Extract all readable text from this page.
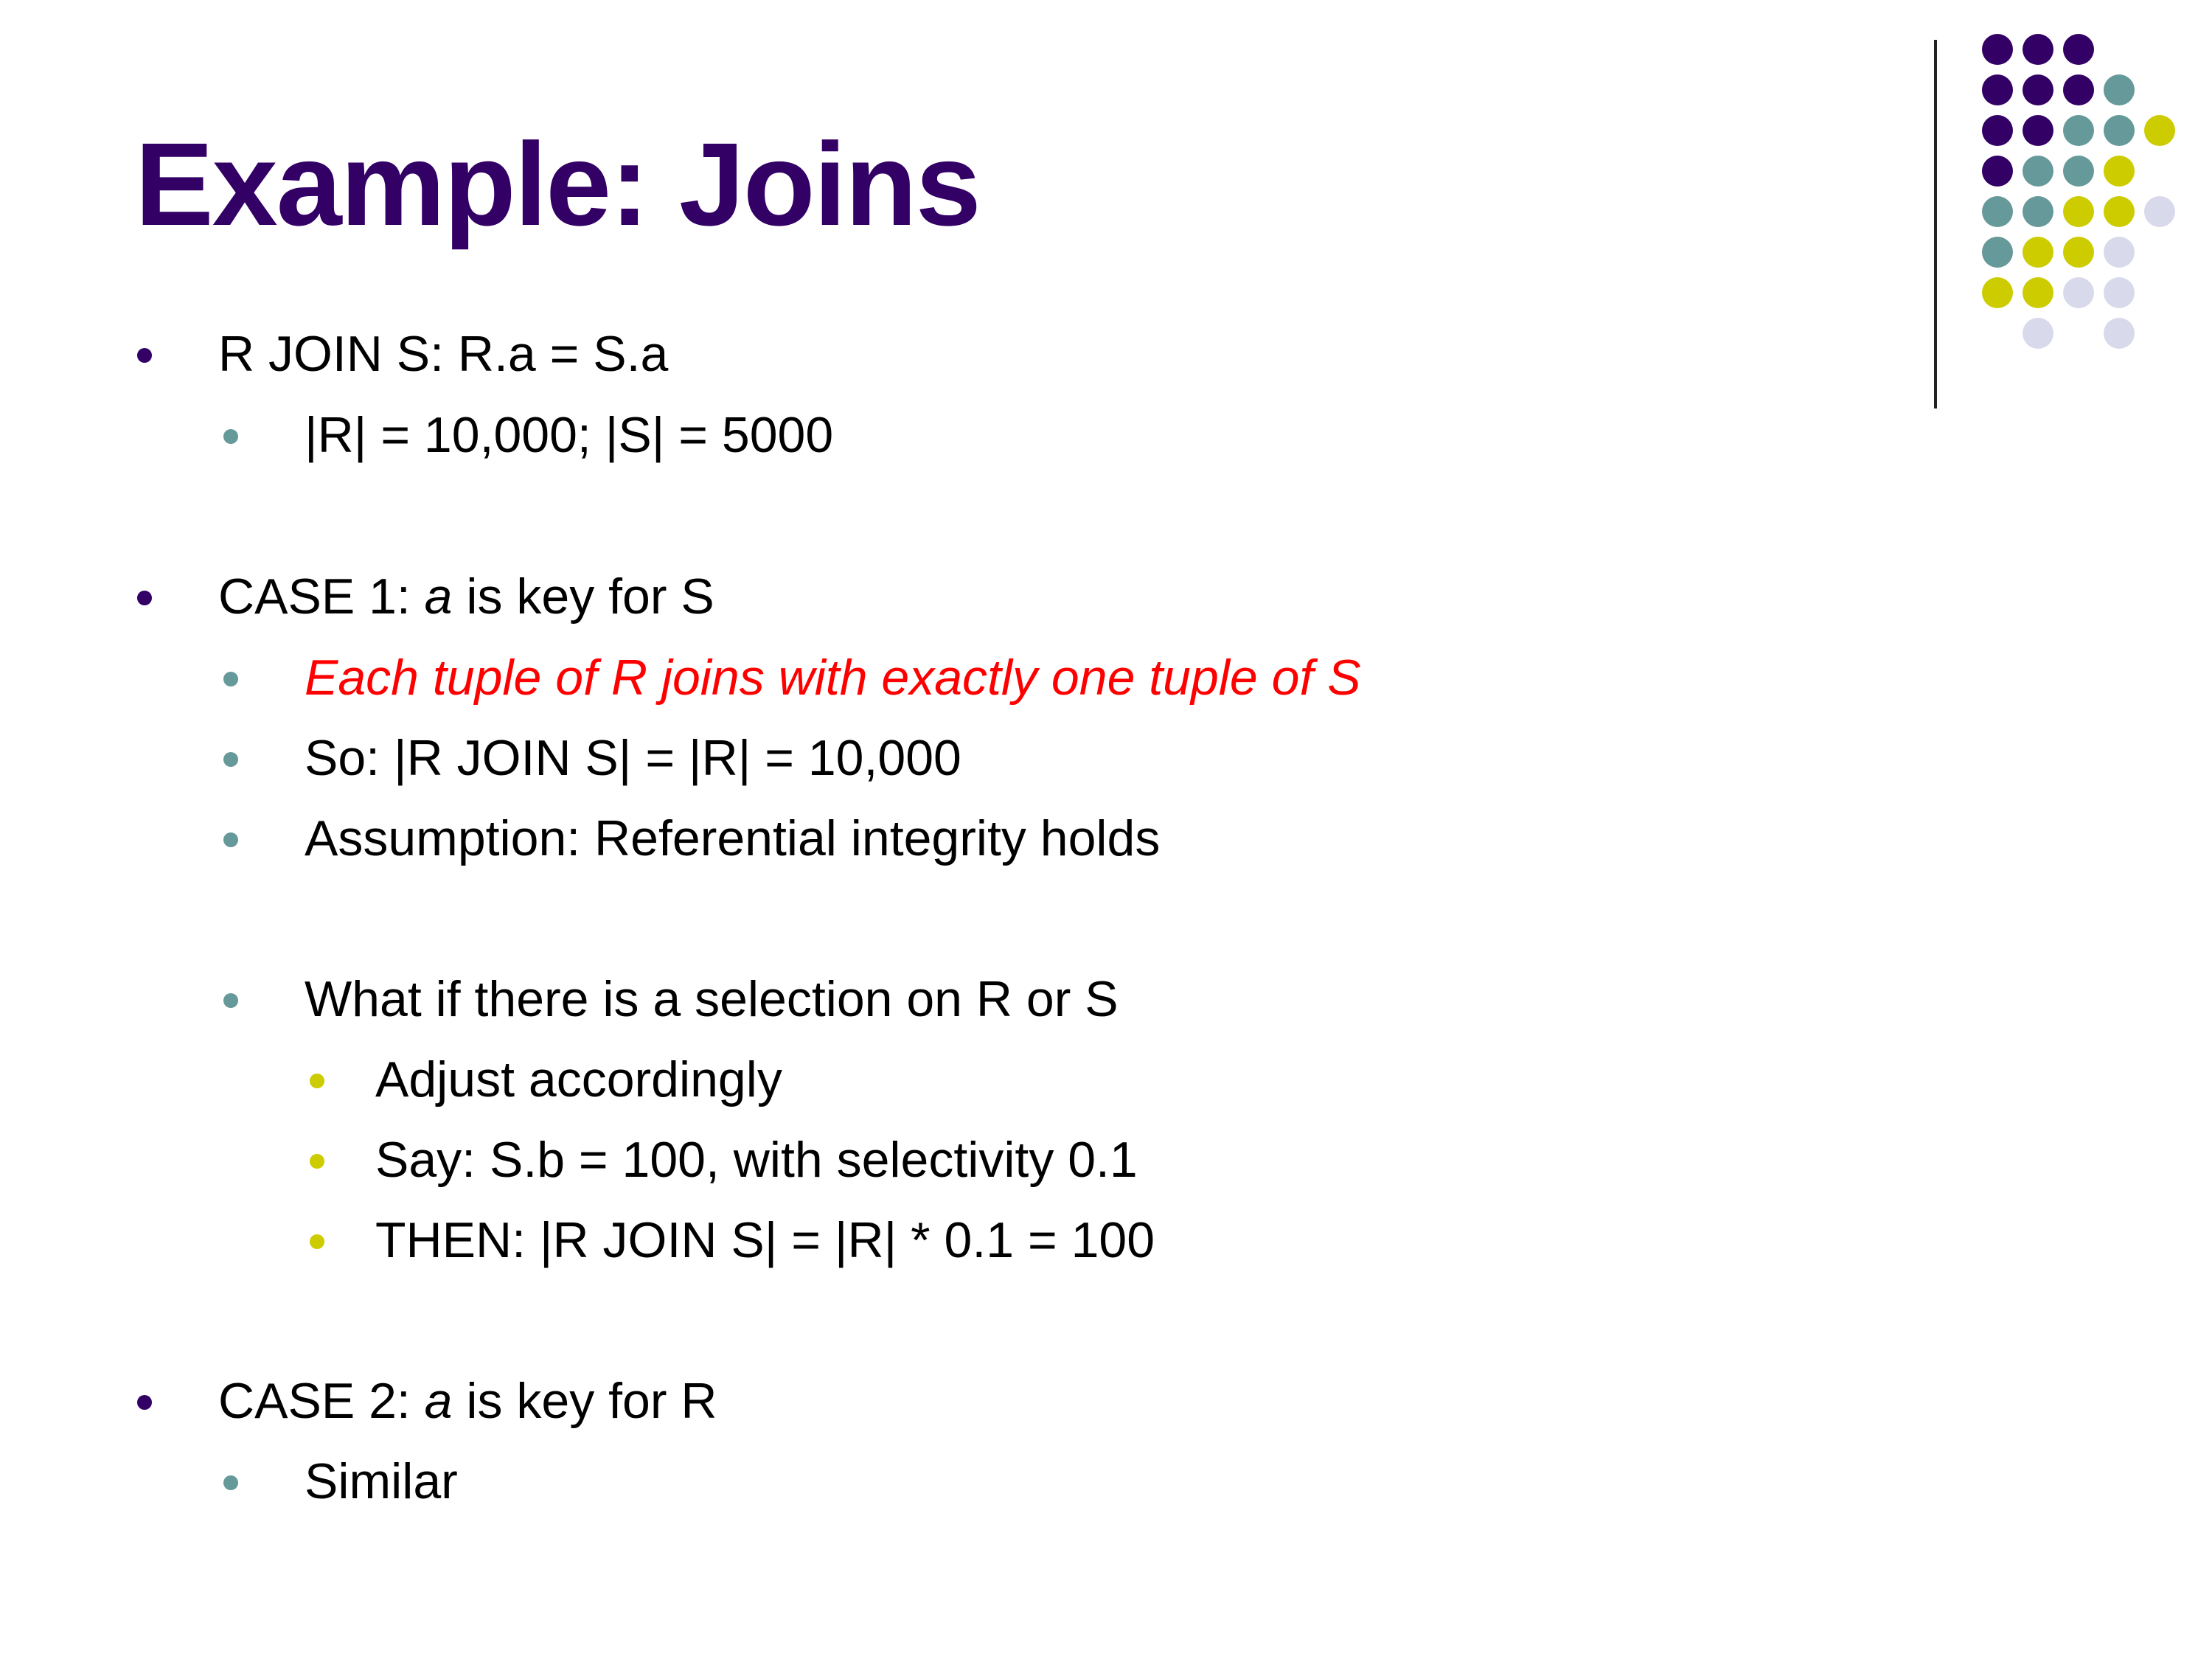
Example: Joins
R JOIN S: R.a = S.a
|R| = 10,000; |S| = 5000
CASE 1: a is key for S
Each tuple of R joins with exactly one tuple of S
So: |R JOIN S| = |R| = 10,000
Assumption: Referential integrity holds
What if there is a selection on R or S
Adjust accordingly
Say: S.b = 100, with selectivity 0.1
THEN: |R JOIN S| = |R| * 0.1 = 100
CASE 2: a is key for R
Similar
